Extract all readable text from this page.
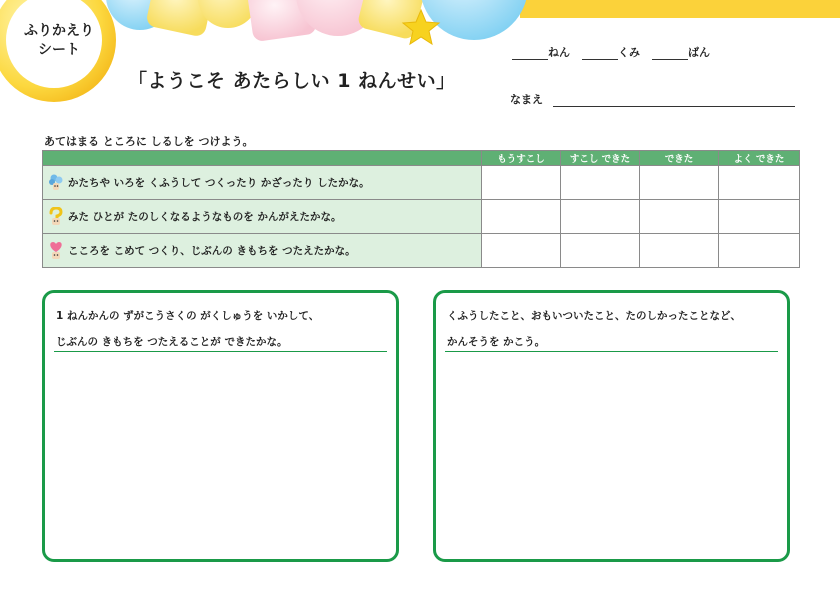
ふりかえり
シート
「ようこそ あたらしい 1 ねんせい」
ねん	くみ	ばん
なまえ
あてはまる ところに しるしを つけよう。
	もうすこし	すこし できた	できた	よく できた

かたちや いろを くふうして つくったり かざったり したかな。				

みた ひとが たのしくなるようなものを かんがえたかな。				

こころを こめて つくり、じぶんの きもちを つたえたかな。				

1 ねんかんの ずがこうさくの がくしゅうを いかして、
じぶんの きもちを つたえることが できたかな。
くふうしたこと、おもいついたこと、たのしかったことなど、
かんそうを かこう。
